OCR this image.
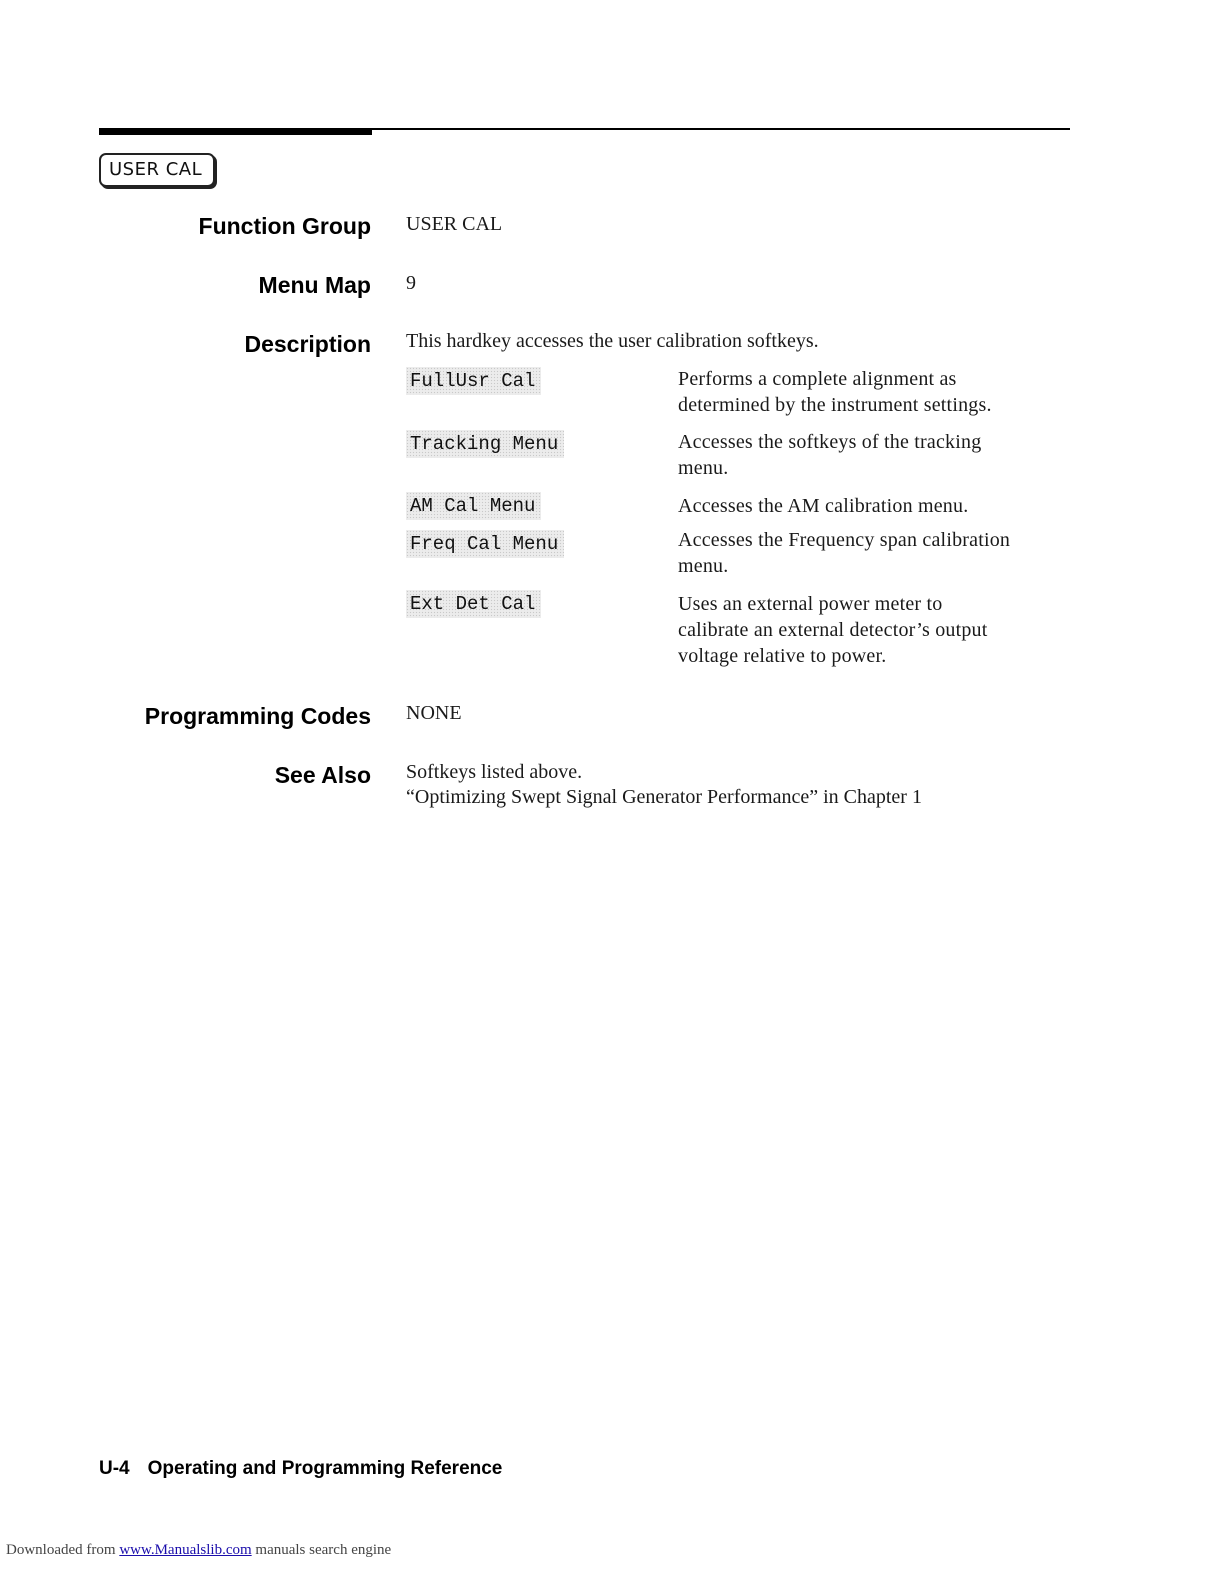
USER CAL
Function Group USER CAL
Menu Map 9
Description This hardkey accesses the user calibration softkeys.
FullUsr Cal	Performs a complete alignment as
determined by the instrument settings.
Tracking Menu	Accesses the softkeys of the tracking
menu.
AM Cal Menu	Accesses the AM calibration menu.
Freq Cal Menu	Accesses the Frequency span calibration
menu.
Ext Det Cal	Uses an external power meter to
calibrate an external detector’s output
voltage relative to power.
Programming Codes NONE
See Also Softkeys listed above.
“Optimizing Swept Signal Generator Performance” in Chapter 1
U-4 Operating and Programming Reference
Downloaded from www.Manualslib.com manuals search engine
